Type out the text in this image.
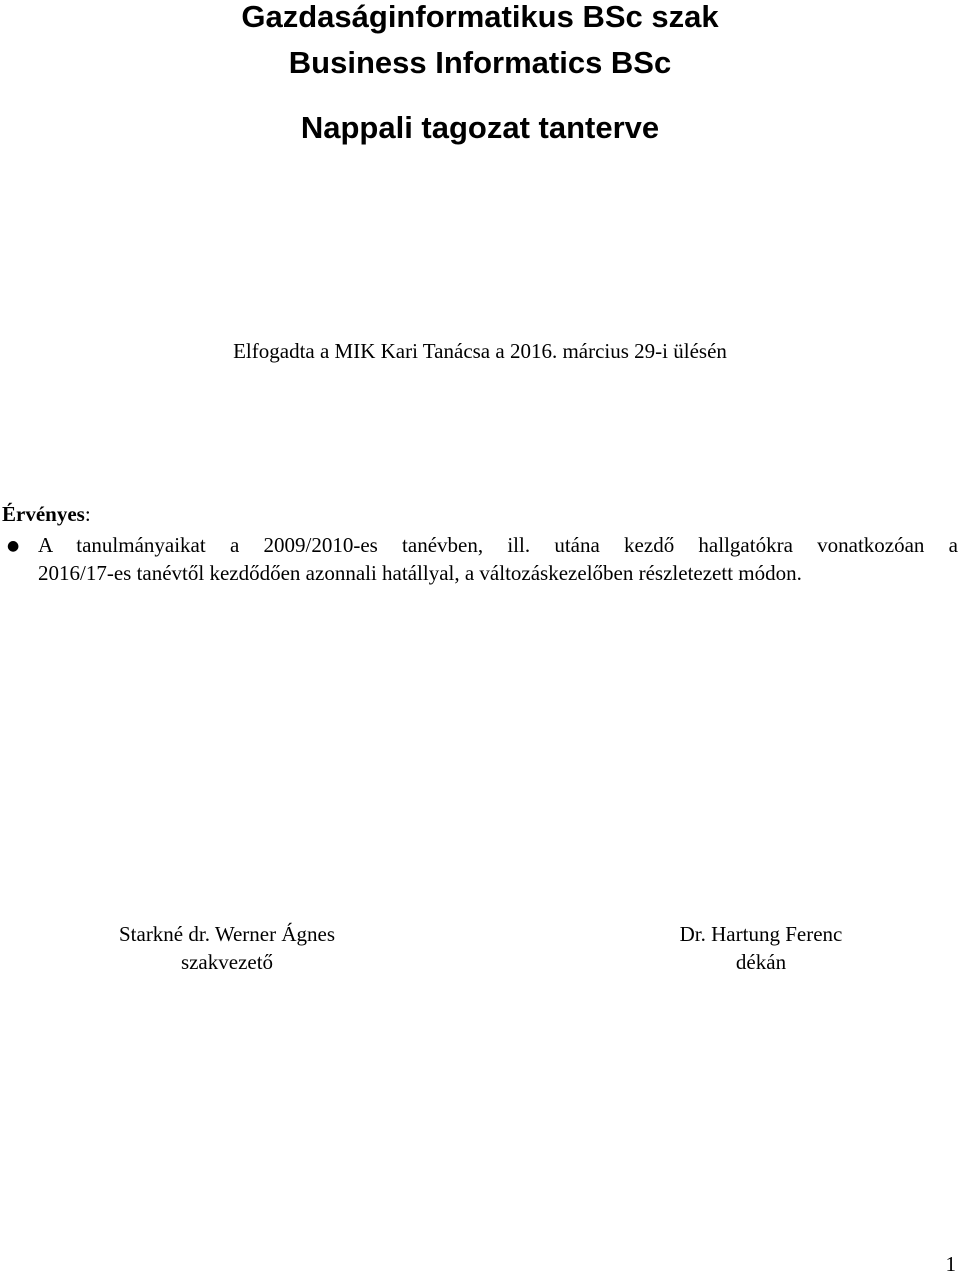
Gazdaságinformatikus BSc szak
Business Informatics BSc
Nappali tagozat tanterve
Elfogadta a MIK Kari Tanácsa a 2016. március 29-i ülésén
Érvényes:
● A tanulmányaikat a 2009/2010-es tanévben, ill. utána kezdő hallgatókra vonatkozóan a
2016/17-es tanévtől kezdődően azonnali hatállyal, a változáskezelőben részletezett módon.
Starkné dr. Werner Ágnes
szakvezető
Dr. Hartung Ferenc
dékán
1
